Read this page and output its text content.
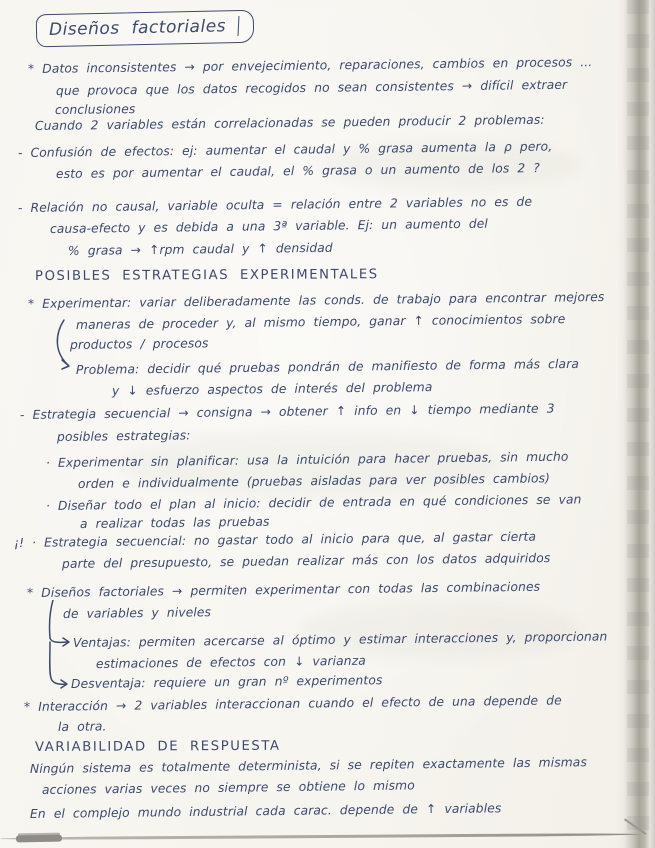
Diseños factoriales
* Datos inconsistentes → por envejecimiento, reparaciones, cambios en procesos ...
que provoca que los datos recogidos no sean consistentes → difícil extraer
conclusiones
Cuando 2 variables están correlacionadas se pueden producir 2 problemas:
- Confusión de efectos: ej: aumentar el caudal y % grasa aumenta la ρ pero,
esto es por aumentar el caudal, el % grasa o un aumento de los 2 ?
- Relación no causal, variable oculta = relación entre 2 variables no es de
causa-efecto y es debida a una 3ª variable. Ej: un aumento del
% grasa → ↑rpm caudal y ↑ densidad
POSIBLES ESTRATEGIAS EXPERIMENTALES
* Experimentar: variar deliberadamente las conds. de trabajo para encontrar mejores
maneras de proceder y, al mismo tiempo, ganar ↑ conocimientos sobre
productos / procesos
Problema: decidir qué pruebas pondrán de manifiesto de forma más clara
y ↓ esfuerzo aspectos de interés del problema
- Estrategia secuencial → consigna → obtener ↑ info en ↓ tiempo mediante 3
posibles estrategias:
· Experimentar sin planificar: usa la intuición para hacer pruebas, sin mucho
orden e individualmente (pruebas aisladas para ver posibles cambios)
· Diseñar todo el plan al inicio: decidir de entrada en qué condiciones se van
a realizar todas las pruebas
¡! · Estrategia secuencial: no gastar todo al inicio para que, al gastar cierta
parte del presupuesto, se puedan realizar más con los datos adquiridos
* Diseños factoriales → permiten experimentar con todas las combinaciones
de variables y niveles
Ventajas: permiten acercarse al óptimo y estimar interacciones y, proporcionan
estimaciones de efectos con ↓ varianza
Desventaja: requiere un gran nº experimentos
* Interacción → 2 variables interaccionan cuando el efecto de una depende de
la otra.
VARIABILIDAD DE RESPUESTA
Ningún sistema es totalmente determinista, si se repiten exactamente las mismas
acciones varias veces no siempre se obtiene lo mismo
En el complejo mundo industrial cada carac. depende de ↑ variables
